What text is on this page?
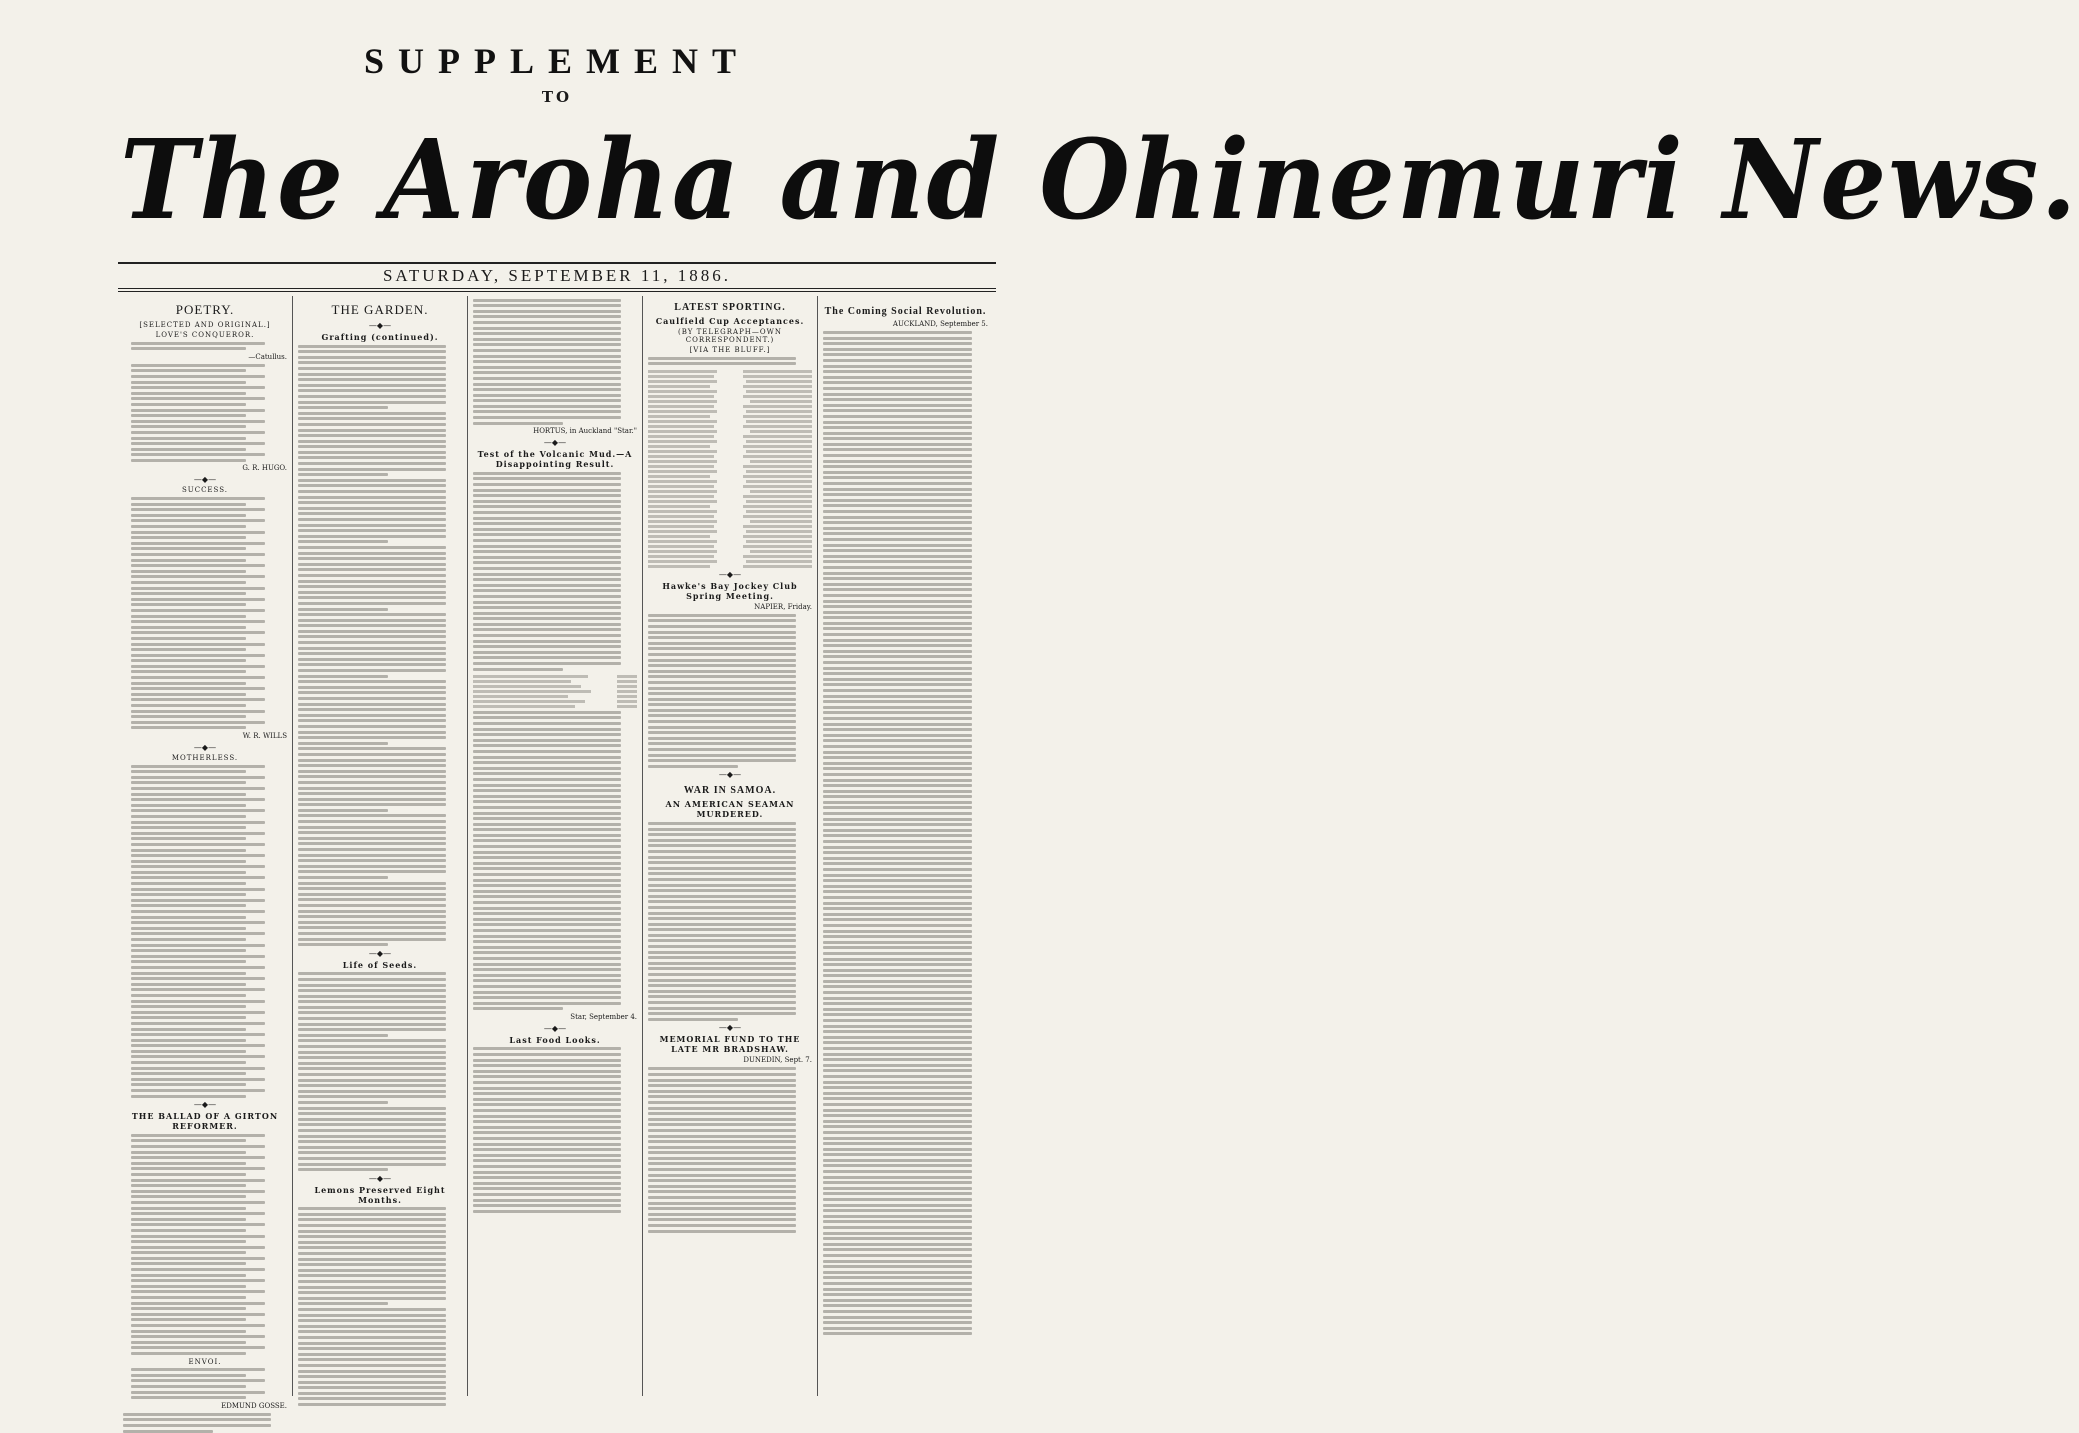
SUPPLEMENT
TO
The Aroha and Ohinemuri News.
SATURDAY, SEPTEMBER 11, 1886.
POETRY.
[SELECTED AND ORIGINAL.]
LOVE'S CONQUEROR.
—Catullus.
G. R. HUGO.
—◆—
SUCCESS.
W. R. WILLS
—◆—
MOTHERLESS.
—◆—
THE BALLAD OF A GIRTON REFORMER.
ENVOI.
EDMUND GOSSE.
THE GARDEN.
—◆—
Grafting (continued).
—◆—
Life of Seeds.
—◆—
Lemons Preserved Eight Months.
HORTUS, in Auckland "Star."
—◆—
Test of the Volcanic Mud.—A Disappointing Result.
Star, September 4.
—◆—
Last Food Looks.
LATEST SPORTING.
Caulfield Cup Acceptances.
(BY TELEGRAPH—OWN CORRESPONDENT.)
[VIA THE BLUFF.]
—◆—
Hawke's Bay Jockey Club Spring Meeting.
NAPIER, Friday.
—◆—
WAR IN SAMOA.
AN AMERICAN SEAMAN MURDERED.
—◆—
MEMORIAL FUND TO THE LATE MR BRADSHAW.
DUNEDIN, Sept. 7.
The Coming Social Revolution.
AUCKLAND, September 5.
